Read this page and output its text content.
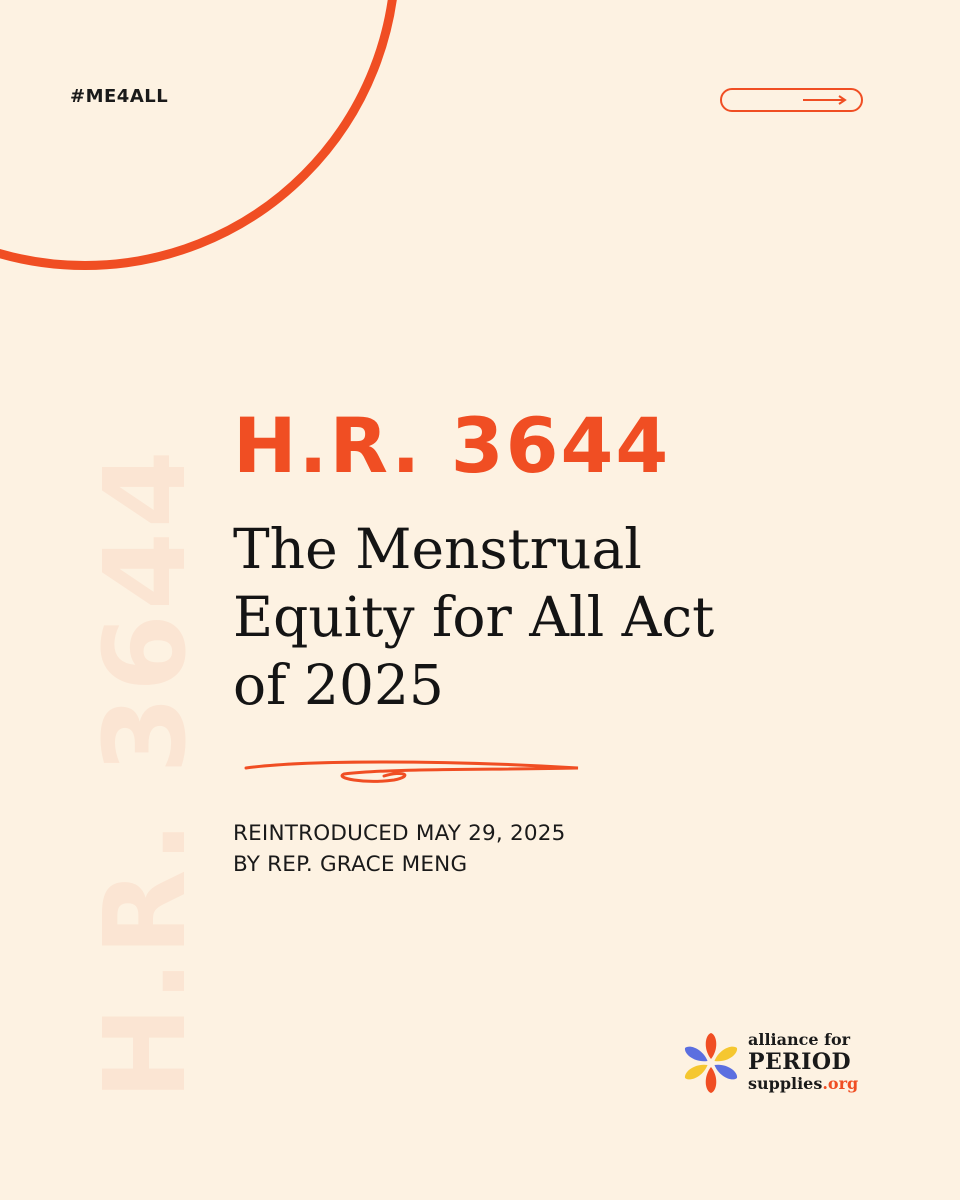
#ME4ALL
H.R. 3644
H.R. 3644
The Menstrual
Equity for All Act
of 2025
REINTRODUCED MAY 29, 2025
BY REP. GRACE MENG
alliance for
PERIOD
supplies.org
